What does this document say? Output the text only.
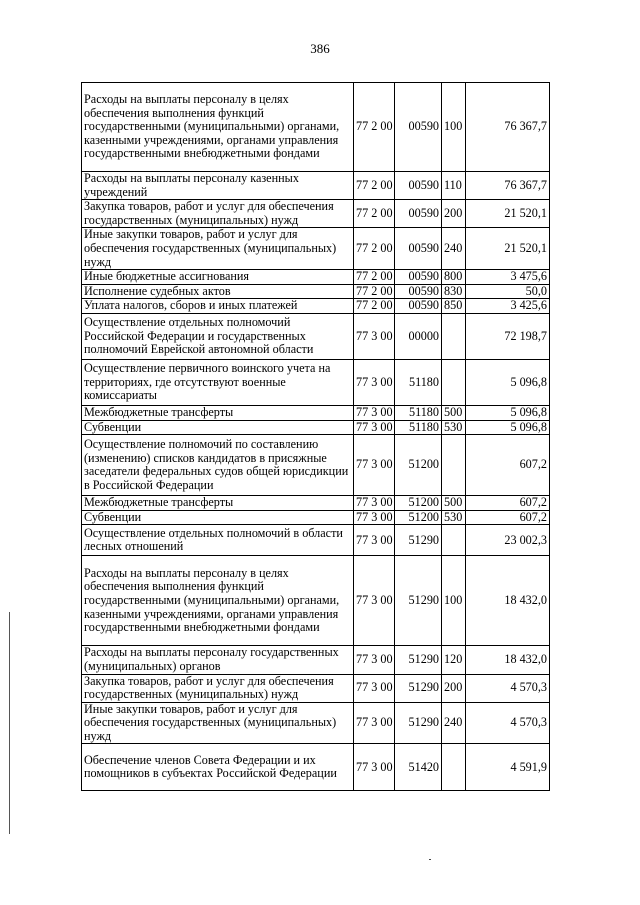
386
Расходы на выплаты персоналу в целях обеспечения выполнения функций государственными (муниципальными) органами, казенными учреждениями, органами управления государственными внебюджетными фондами	77 2 00	00590	100	76 367,7
Расходы на выплаты персоналу казенных учреждений	77 2 00	00590	110	76 367,7
Закупка товаров, работ и услуг для обеспечения государственных (муниципальных) нужд	77 2 00	00590	200	21 520,1
Иные закупки товаров, работ и услуг для обеспечения государственных (муниципальных) нужд	77 2 00	00590	240	21 520,1
Иные бюджетные ассигнования	77 2 00	00590	800	3 475,6
Исполнение судебных актов	77 2 00	00590	830	50,0
Уплата налогов, сборов и иных платежей	77 2 00	00590	850	3 425,6
Осуществление отдельных полномочий Российской Федерации и государственных полномочий Еврейской автономной области	77 3 00	00000		72 198,7
Осуществление первичного воинского учета на территориях, где отсутствуют военные комиссариаты	77 3 00	51180		5 096,8
Межбюджетные трансферты	77 3 00	51180	500	5 096,8
Субвенции	77 3 00	51180	530	5 096,8
Осуществление полномочий по составлению (изменению) списков кандидатов в присяжные заседатели федеральных судов общей юрисдикции в Российской Федерации	77 3 00	51200		607,2
Межбюджетные трансферты	77 3 00	51200	500	607,2
Субвенции	77 3 00	51200	530	607,2
Осуществление отдельных полномочий в области лесных отношений	77 3 00	51290		23 002,3
Расходы на выплаты персоналу в целях обеспечения выполнения функций государственными (муниципальными) органами, казенными учреждениями, органами управления государственными внебюджетными фондами	77 3 00	51290	100	18 432,0
Расходы на выплаты персоналу государственных (муниципальных) органов	77 3 00	51290	120	18 432,0
Закупка товаров, работ и услуг для обеспечения государственных (муниципальных) нужд	77 3 00	51290	200	4 570,3
Иные закупки товаров, работ и услуг для обеспечения государственных (муниципальных) нужд	77 3 00	51290	240	4 570,3
Обеспечение членов Совета Федерации и их помощников в субъектах Российской Федерации	77 3 00	51420		4 591,9
